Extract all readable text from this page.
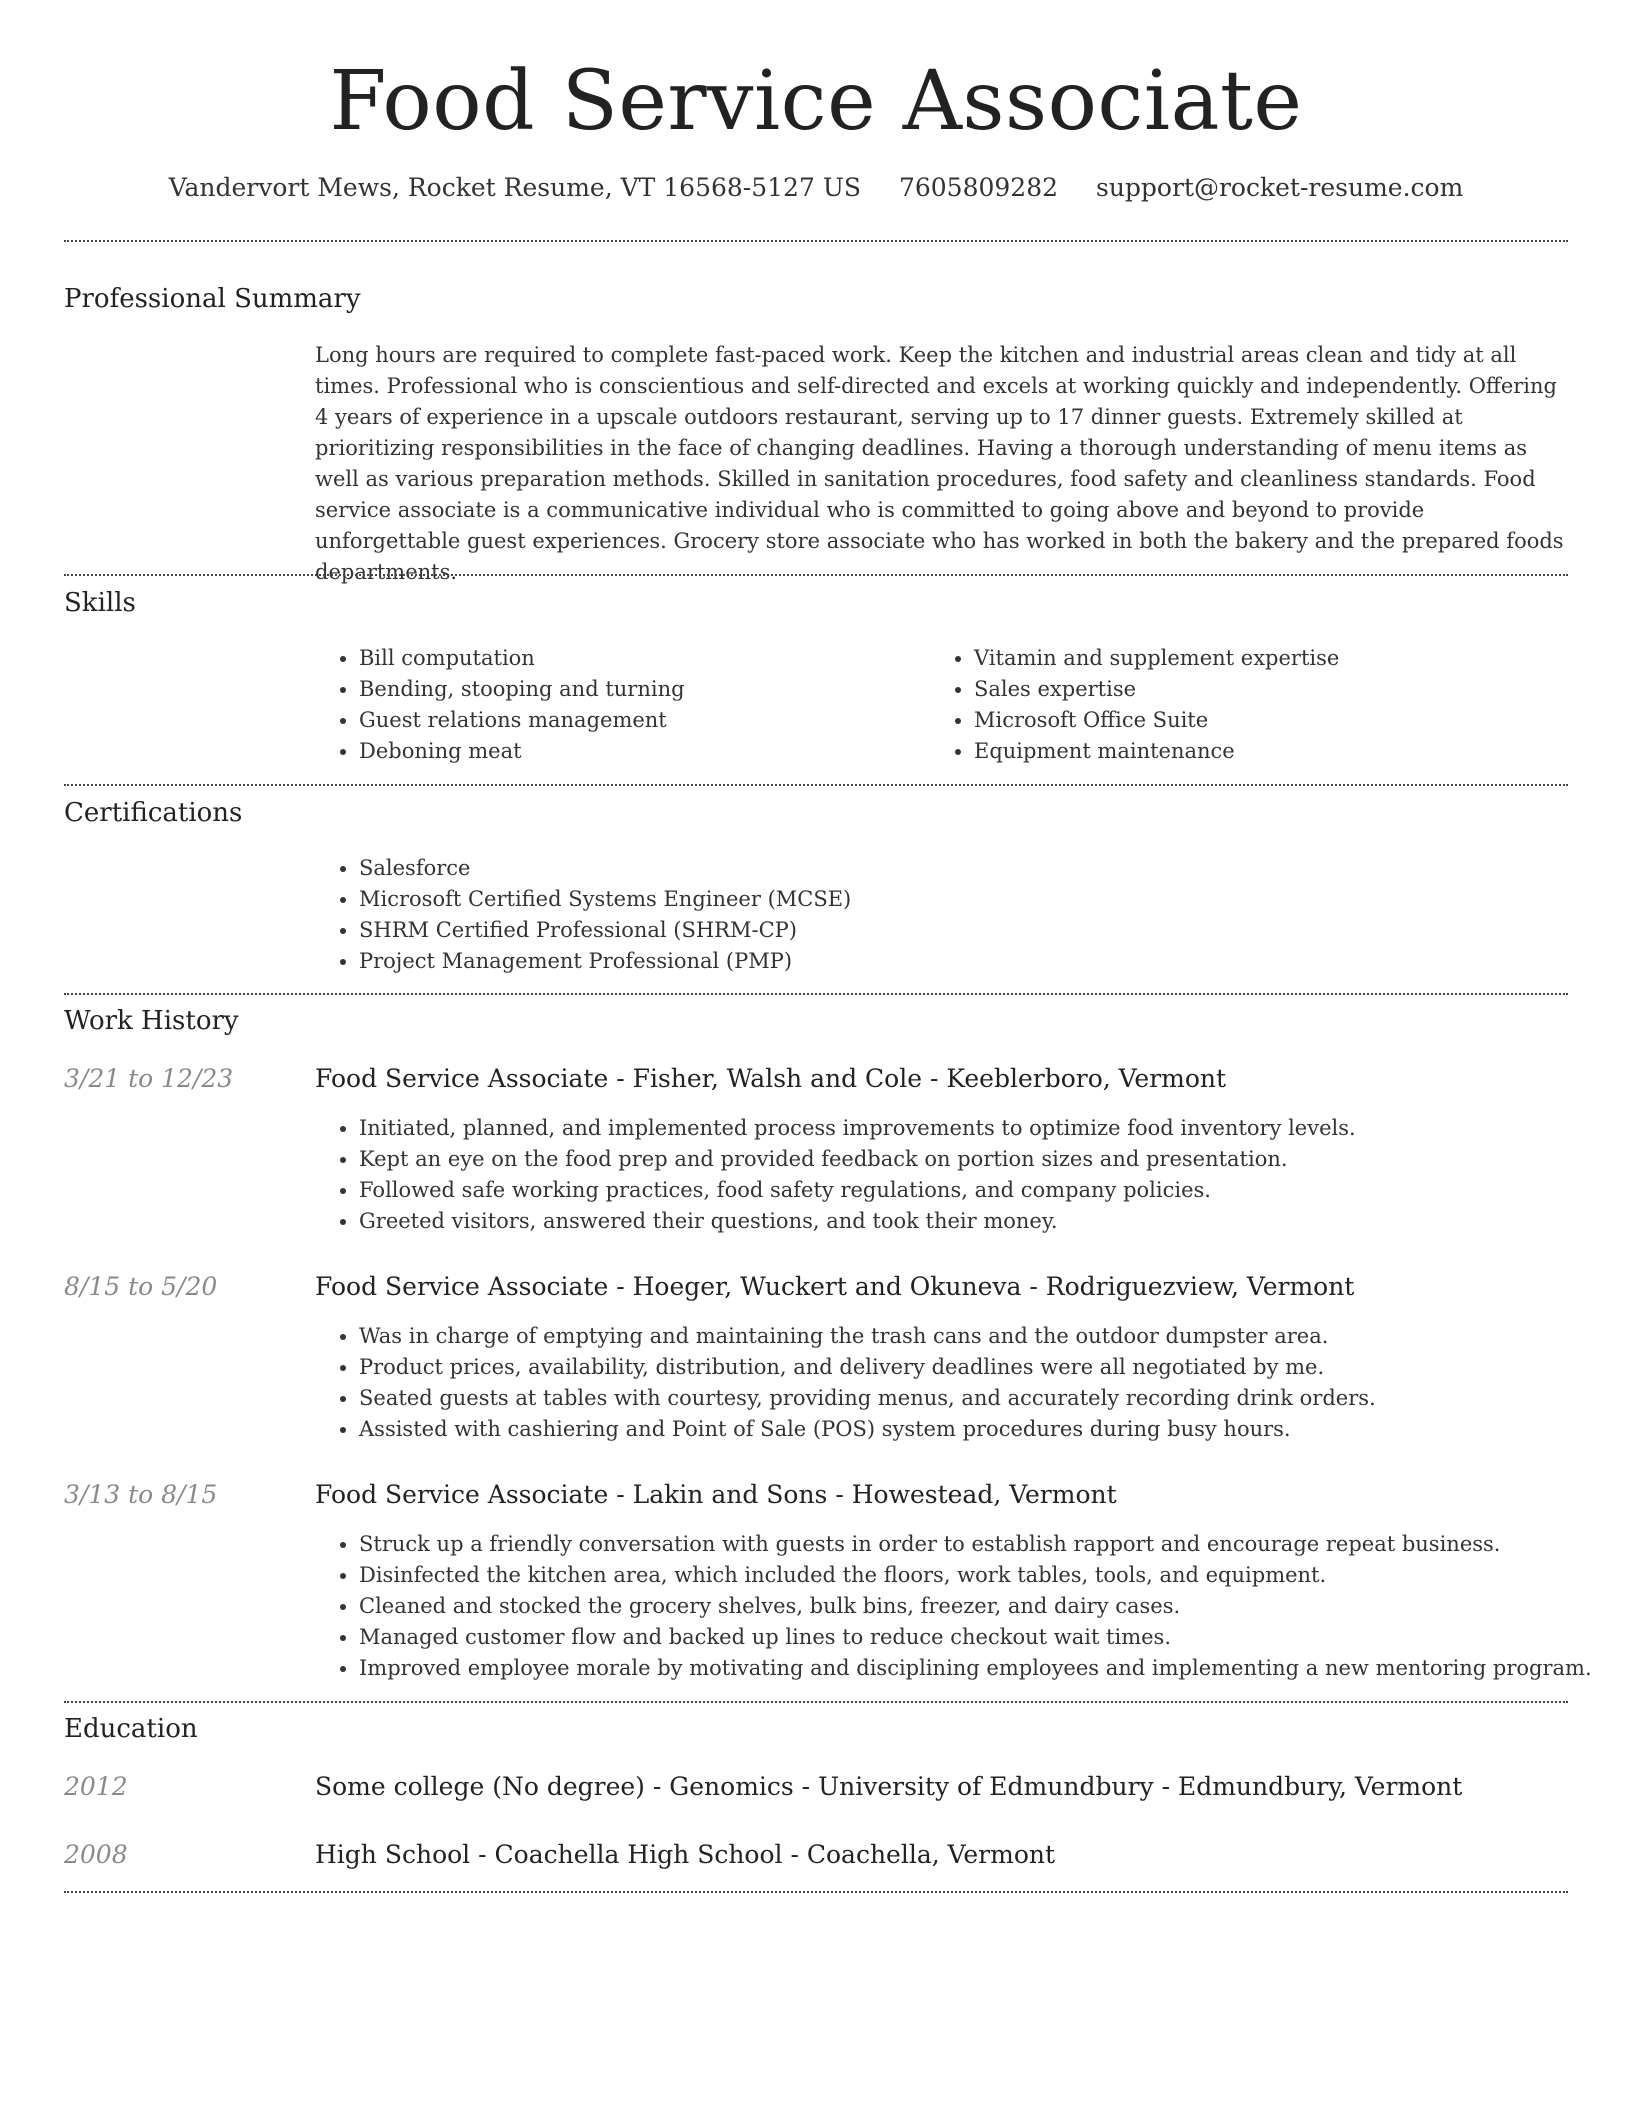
Food Service Associate
Vandervort Mews, Rocket Resume, VT 16568-5127 US 7605809282 support@rocket-resume.com
Professional Summary
Long hours are required to complete fast-paced work. Keep the kitchen and industrial areas clean and tidy at all times. Professional who is conscientious and self-directed and excels at working quickly and independently. Offering 4 years of experience in a upscale outdoors restaurant, serving up to 17 dinner guests. Extremely skilled at prioritizing responsibilities in the face of changing deadlines. Having a thorough understanding of menu items as well as various preparation methods. Skilled in sanitation procedures, food safety and cleanliness standards. Food service associate is a communicative individual who is committed to going above and beyond to provide unforgettable guest experiences. Grocery store associate who has worked in both the bakery and the prepared foods departments.
Skills
• Bill computation
• Bending, stooping and turning
• Guest relations management
• Deboning meat
• Vitamin and supplement expertise
• Sales expertise
• Microsoft Office Suite
• Equipment maintenance
Certifications
• Salesforce
• Microsoft Certified Systems Engineer (MCSE)
• SHRM Certified Professional (SHRM-CP)
• Project Management Professional (PMP)
Work History
3/21 to 12/23	Food Service Associate - Fisher, Walsh and Cole - Keeblerboro, Vermont
• Initiated, planned, and implemented process improvements to optimize food inventory levels.
• Kept an eye on the food prep and provided feedback on portion sizes and presentation.
• Followed safe working practices, food safety regulations, and company policies.
• Greeted visitors, answered their questions, and took their money.
8/15 to 5/20	Food Service Associate - Hoeger, Wuckert and Okuneva - Rodriguezview, Vermont
• Was in charge of emptying and maintaining the trash cans and the outdoor dumpster area.
• Product prices, availability, distribution, and delivery deadlines were all negotiated by me.
• Seated guests at tables with courtesy, providing menus, and accurately recording drink orders.
• Assisted with cashiering and Point of Sale (POS) system procedures during busy hours.
3/13 to 8/15	Food Service Associate - Lakin and Sons - Howestead, Vermont
• Struck up a friendly conversation with guests in order to establish rapport and encourage repeat business.
• Disinfected the kitchen area, which included the floors, work tables, tools, and equipment.
• Cleaned and stocked the grocery shelves, bulk bins, freezer, and dairy cases.
• Managed customer flow and backed up lines to reduce checkout wait times.
• Improved employee morale by motivating and disciplining employees and implementing a new mentoring program.
Education
2012	Some college (No degree) - Genomics - University of Edmundbury - Edmundbury, Vermont
2008	High School - Coachella High School - Coachella, Vermont
